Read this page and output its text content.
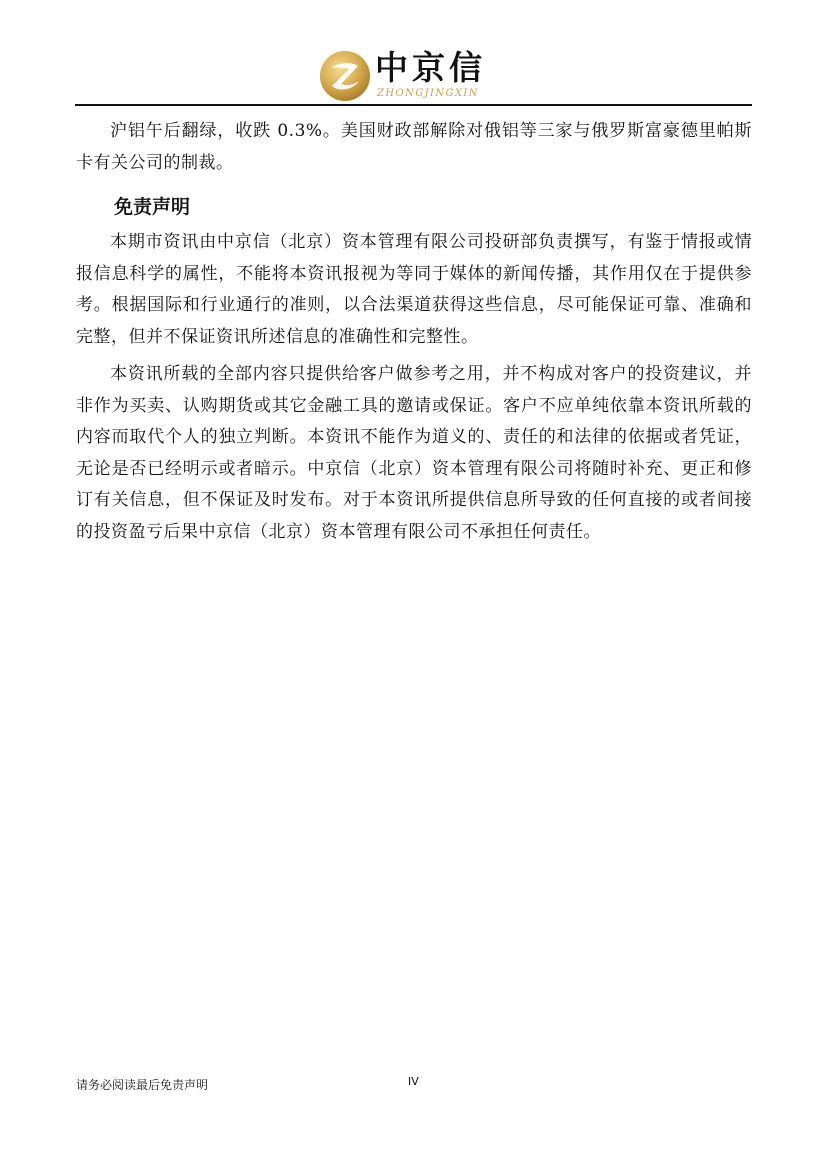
中京信
ZHONGJINGXIN

沪铝午后翻绿，收跌 0.3%。美国财政部解除对俄铝等三家与俄罗斯富豪德里帕斯卡有关公司的制裁。

免责声明

本期市资讯由中京信（北京）资本管理有限公司投研部负责撰写，有鉴于情报或情报信息科学的属性，不能将本资讯报视为等同于媒体的新闻传播，其作用仅在于提供参考。根据国际和行业通行的准则，以合法渠道获得这些信息，尽可能保证可靠、准确和完整，但并不保证资讯所述信息的准确性和完整性。

本资讯所载的全部内容只提供给客户做参考之用，并不构成对客户的投资建议，并非作为买卖、认购期货或其它金融工具的邀请或保证。客户不应单纯依靠本资讯所载的内容而取代个人的独立判断。本资讯不能作为道义的、责任的和法律的依据或者凭证，无论是否已经明示或者暗示。中京信（北京）资本管理有限公司将随时补充、更正和修订有关信息，但不保证及时发布。对于本资讯所提供信息所导致的任何直接的或者间接的投资盈亏后果中京信（北京）资本管理有限公司不承担任何责任。

请务必阅读最后免责声明	IV
